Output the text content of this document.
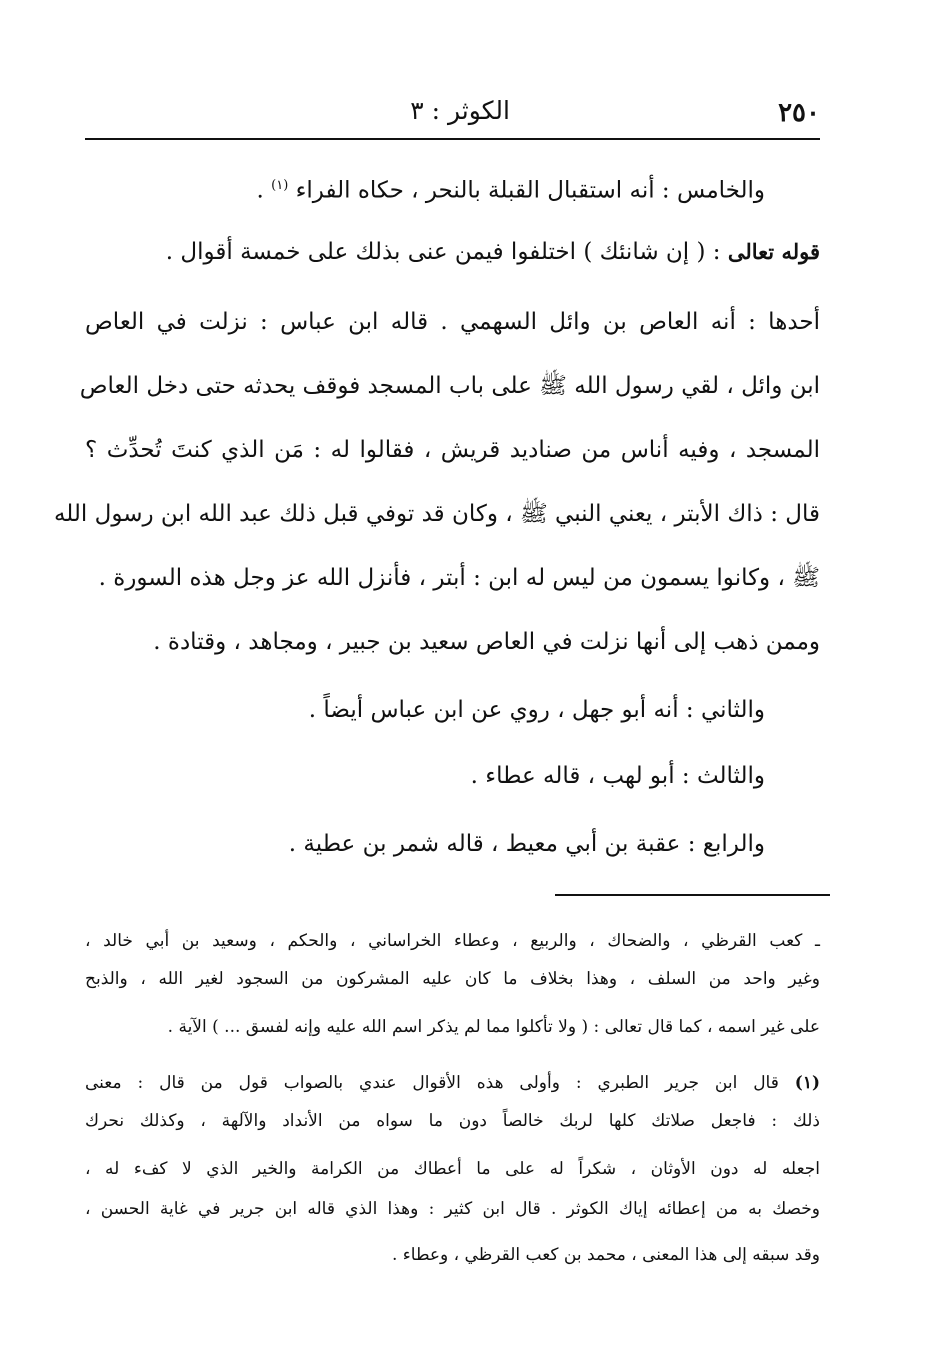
٢٥٠
الكوثر : ٣
والخامس : أنه استقبال القبلة بالنحر ، حكاه الفراء $^{(١)}$ .
قوله تعالى : ( إن شانئك ) اختلفوا فيمن عنى بذلك على خمسة أقوال .
أحدها : أنه العاص بن وائل السهمي . قاله ابن عباس : نزلت في العاص
ابن وائل ، لقي رسول الله ﷺ على باب المسجد فوقف يحدثه حتى دخل العاص
المسجد ، وفيه أناس من صناديد قريش ، فقالوا له : مَن الذي كنتَ تُحدِّث ؟
قال : ذاك الأبتر ، يعني النبي ﷺ ، وكان قد توفي قبل ذلك عبد الله ابن رسول الله
ﷺ ، وكانوا يسمون من ليس له ابن : أبتر ، فأنزل الله عز وجل هذه السورة .
وممن ذهب إلى أنها نزلت في العاص سعيد بن جبير ، ومجاهد ، وقتادة .
والثاني : أنه أبو جهل ، روي عن ابن عباس أيضاً .
والثالث : أبو لهب ، قاله عطاء .
والرابع : عقبة بن أبي معيط ، قاله شمر بن عطية .
ـ كعب القرظي ، والضحاك ، والربيع ، وعطاء الخراساني ، والحكم ، وسعيد بن أبي خالد ،
وغير واحد من السلف ، وهذا بخلاف ما كان عليه المشركون من السجود لغير الله ، والذبح
على غير اسمه ، كما قال تعالى : ( ولا تأكلوا مما لم يذكر اسم الله عليه وإنه لفسق ... ) الآية .
(١) قال ابن جرير الطبري : وأولى هذه الأقوال عندي بالصواب قول من قال : معنى
ذلك : فاجعل صلاتك كلها لربك خالصاً دون ما سواه من الأنداد والآلهة ، وكذلك نحرك
اجعله له دون الأوثان ، شكراً له على ما أعطاك من الكرامة والخير الذي لا كفء له ،
وخصك به من إعطائه إياك الكوثر . قال ابن كثير : وهذا الذي قاله ابن جرير في غاية الحسن ،
وقد سبقه إلى هذا المعنى ، محمد بن كعب القرظي ، وعطاء .
